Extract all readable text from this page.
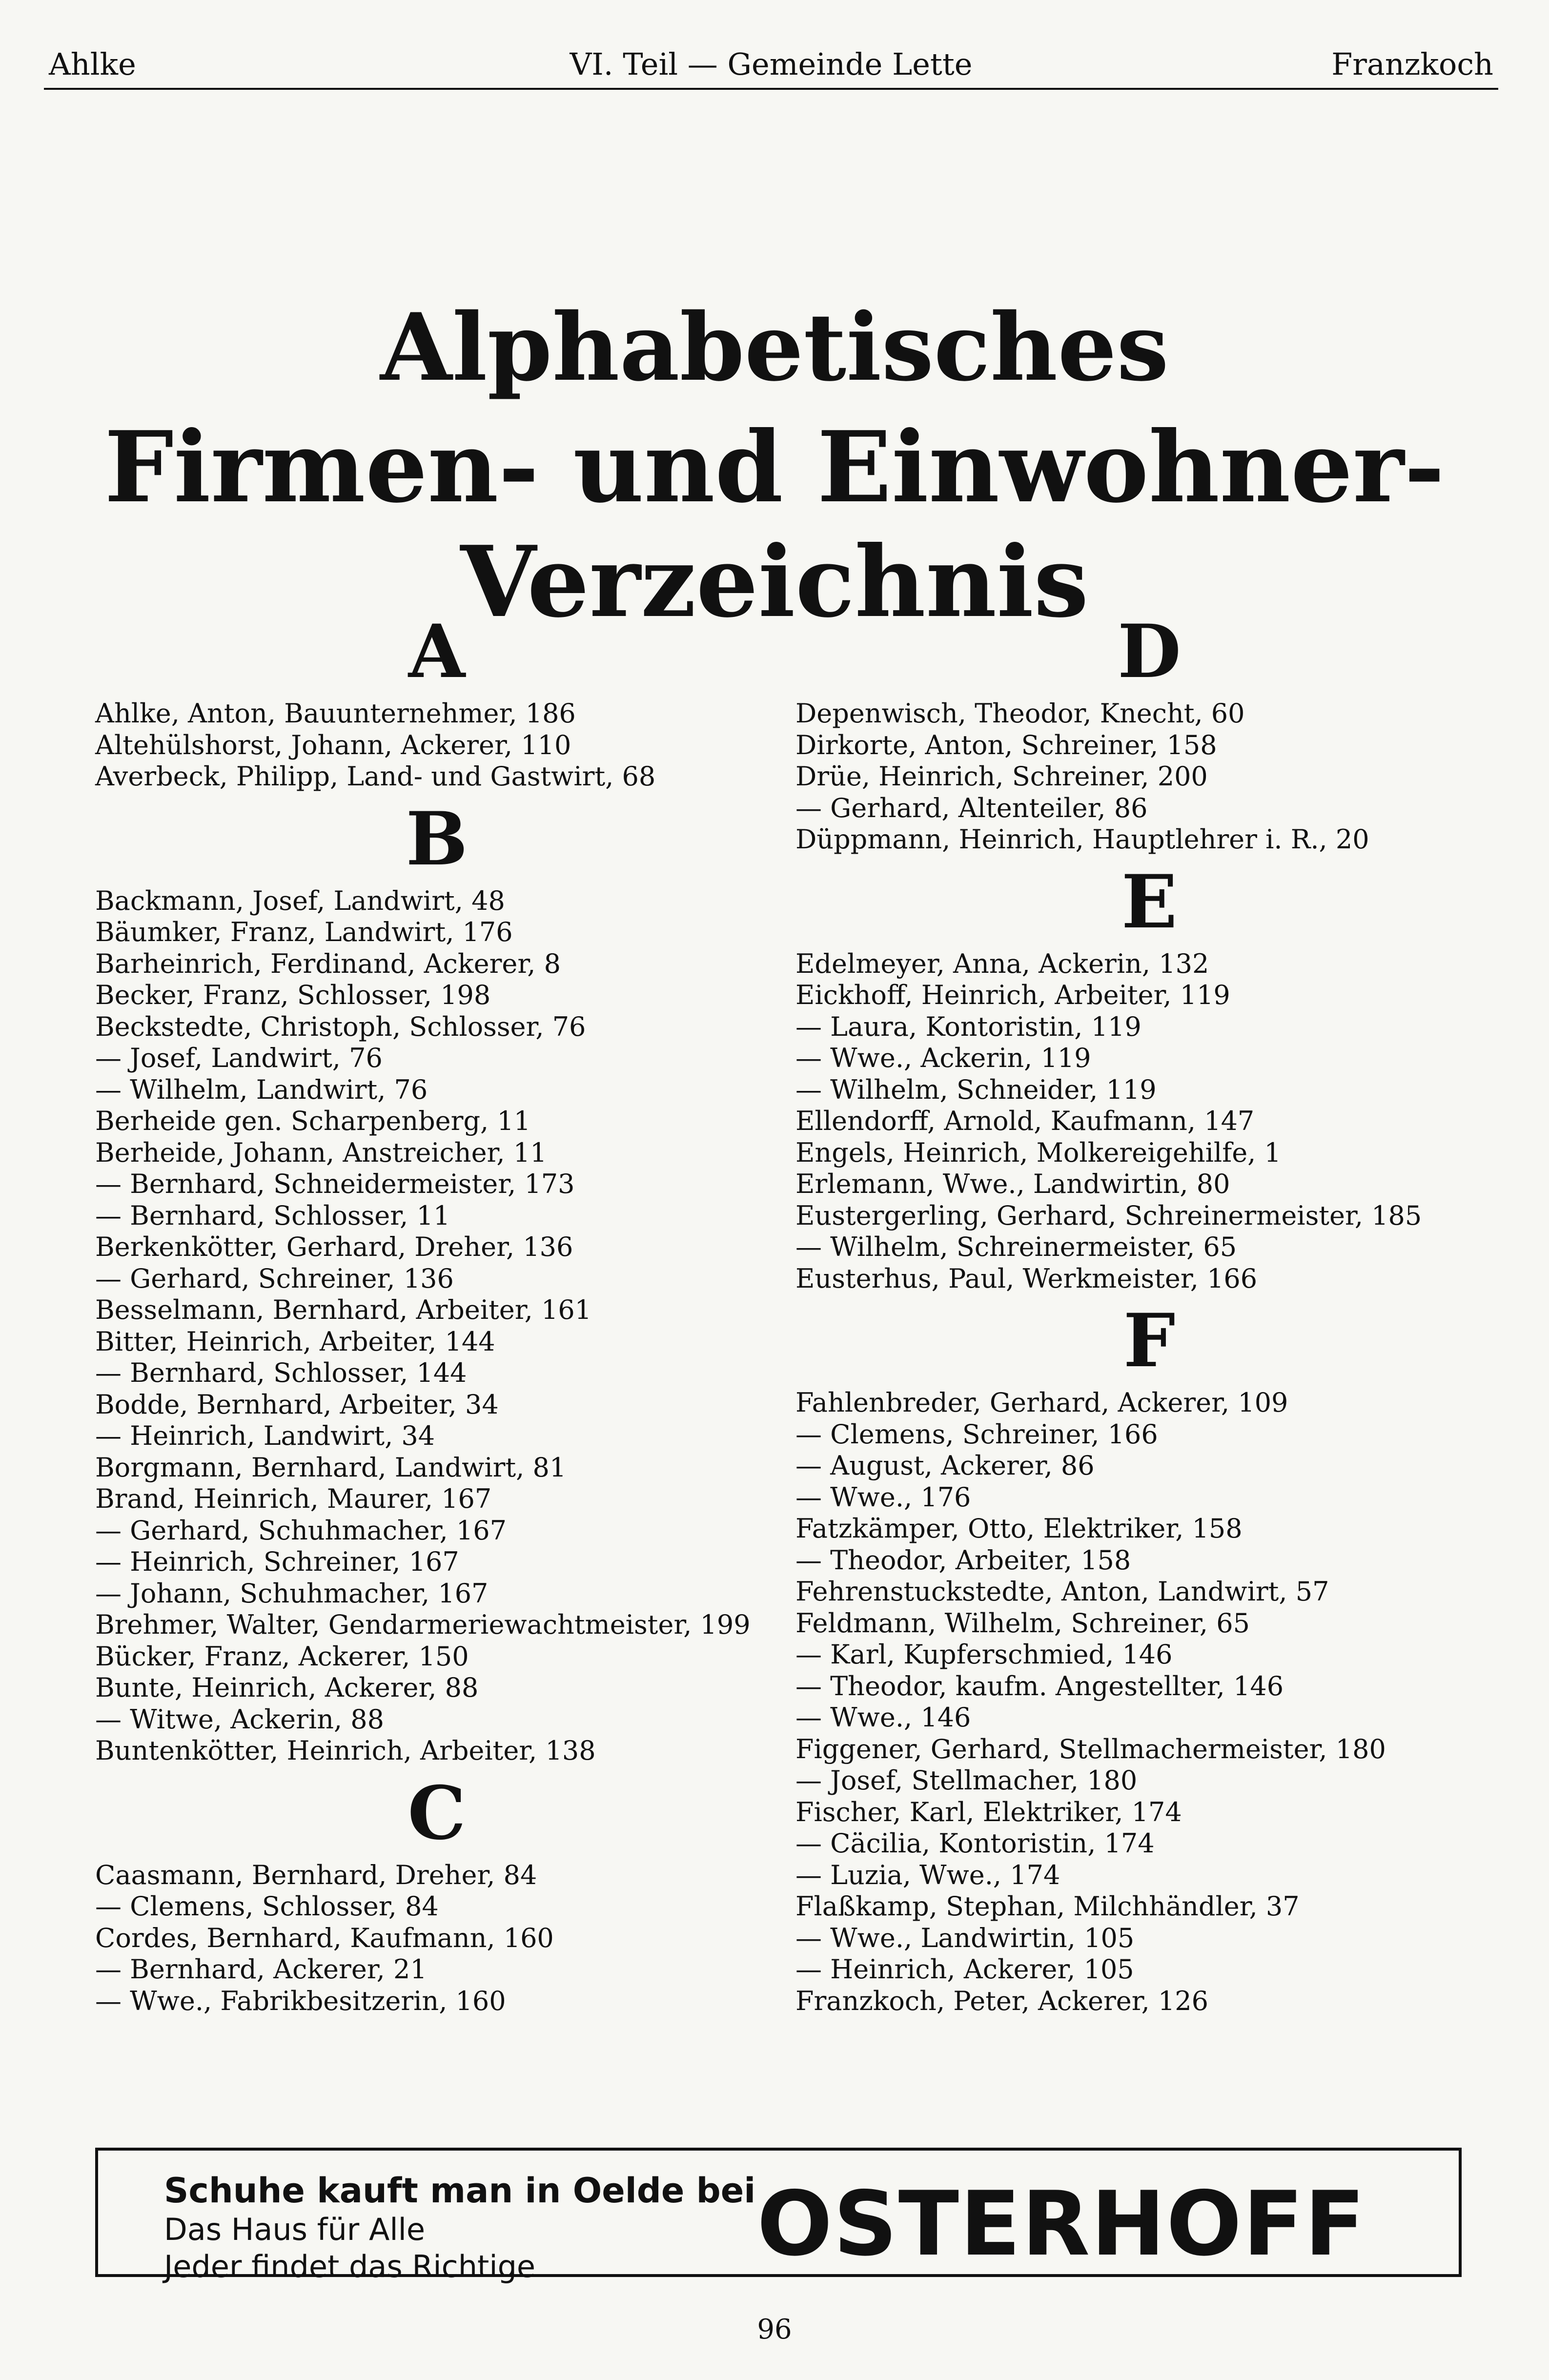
Ahlke	VI. Teil — Gemeinde Lette	Franzkoch
Alphabetisches
Firmen- und Einwohner-Verzeichnis
A
Ahlke, Anton, Bauunternehmer, 186
Altehülshorst, Johann, Ackerer, 110
Averbeck, Philipp, Land- und Gastwirt, 68
B
Backmann, Josef, Landwirt, 48
Bäumker, Franz, Landwirt, 176
Barheinrich, Ferdinand, Ackerer, 8
Becker, Franz, Schlosser, 198
Beckstedte, Christoph, Schlosser, 76
— Josef, Landwirt, 76
— Wilhelm, Landwirt, 76
Berheide gen. Scharpenberg, 11
Berheide, Johann, Anstreicher, 11
— Bernhard, Schneidermeister, 173
— Bernhard, Schlosser, 11
Berkenkötter, Gerhard, Dreher, 136
— Gerhard, Schreiner, 136
Besselmann, Bernhard, Arbeiter, 161
Bitter, Heinrich, Arbeiter, 144
— Bernhard, Schlosser, 144
Bodde, Bernhard, Arbeiter, 34
— Heinrich, Landwirt, 34
Borgmann, Bernhard, Landwirt, 81
Brand, Heinrich, Maurer, 167
— Gerhard, Schuhmacher, 167
— Heinrich, Schreiner, 167
— Johann, Schuhmacher, 167
Brehmer, Walter, Gendarmeriewachtmeister, 199
Bücker, Franz, Ackerer, 150
Bunte, Heinrich, Ackerer, 88
— Witwe, Ackerin, 88
Buntenkötter, Heinrich, Arbeiter, 138
C
Caasmann, Bernhard, Dreher, 84
— Clemens, Schlosser, 84
Cordes, Bernhard, Kaufmann, 160
— Bernhard, Ackerer, 21
— Wwe., Fabrikbesitzerin, 160
D
Depenwisch, Theodor, Knecht, 60
Dirkorte, Anton, Schreiner, 158
Drüe, Heinrich, Schreiner, 200
— Gerhard, Altenteiler, 86
Düppmann, Heinrich, Hauptlehrer i. R., 20
E
Edelmeyer, Anna, Ackerin, 132
Eickhoff, Heinrich, Arbeiter, 119
— Laura, Kontoristin, 119
— Wwe., Ackerin, 119
— Wilhelm, Schneider, 119
Ellendorff, Arnold, Kaufmann, 147
Engels, Heinrich, Molkereigehilfe, 1
Erlemann, Wwe., Landwirtin, 80
Eustergerling, Gerhard, Schreinermeister, 185
— Wilhelm, Schreinermeister, 65
Eusterhus, Paul, Werkmeister, 166
F
Fahlenbreder, Gerhard, Ackerer, 109
— Clemens, Schreiner, 166
— August, Ackerer, 86
— Wwe., 176
Fatzkämper, Otto, Elektriker, 158
— Theodor, Arbeiter, 158
Fehrenstuckstedte, Anton, Landwirt, 57
Feldmann, Wilhelm, Schreiner, 65
— Karl, Kupferschmied, 146
— Theodor, kaufm. Angestellter, 146
— Wwe., 146
Figgener, Gerhard, Stellmachermeister, 180
— Josef, Stellmacher, 180
Fischer, Karl, Elektriker, 174
— Cäcilia, Kontoristin, 174
— Luzia, Wwe., 174
Flaßkamp, Stephan, Milchhändler, 37
— Wwe., Landwirtin, 105
— Heinrich, Ackerer, 105
Franzkoch, Peter, Ackerer, 126
Schuhe kauft man in Oelde bei
Das Haus für Alle
Jeder findet das Richtige	OSTERHOFF
96
